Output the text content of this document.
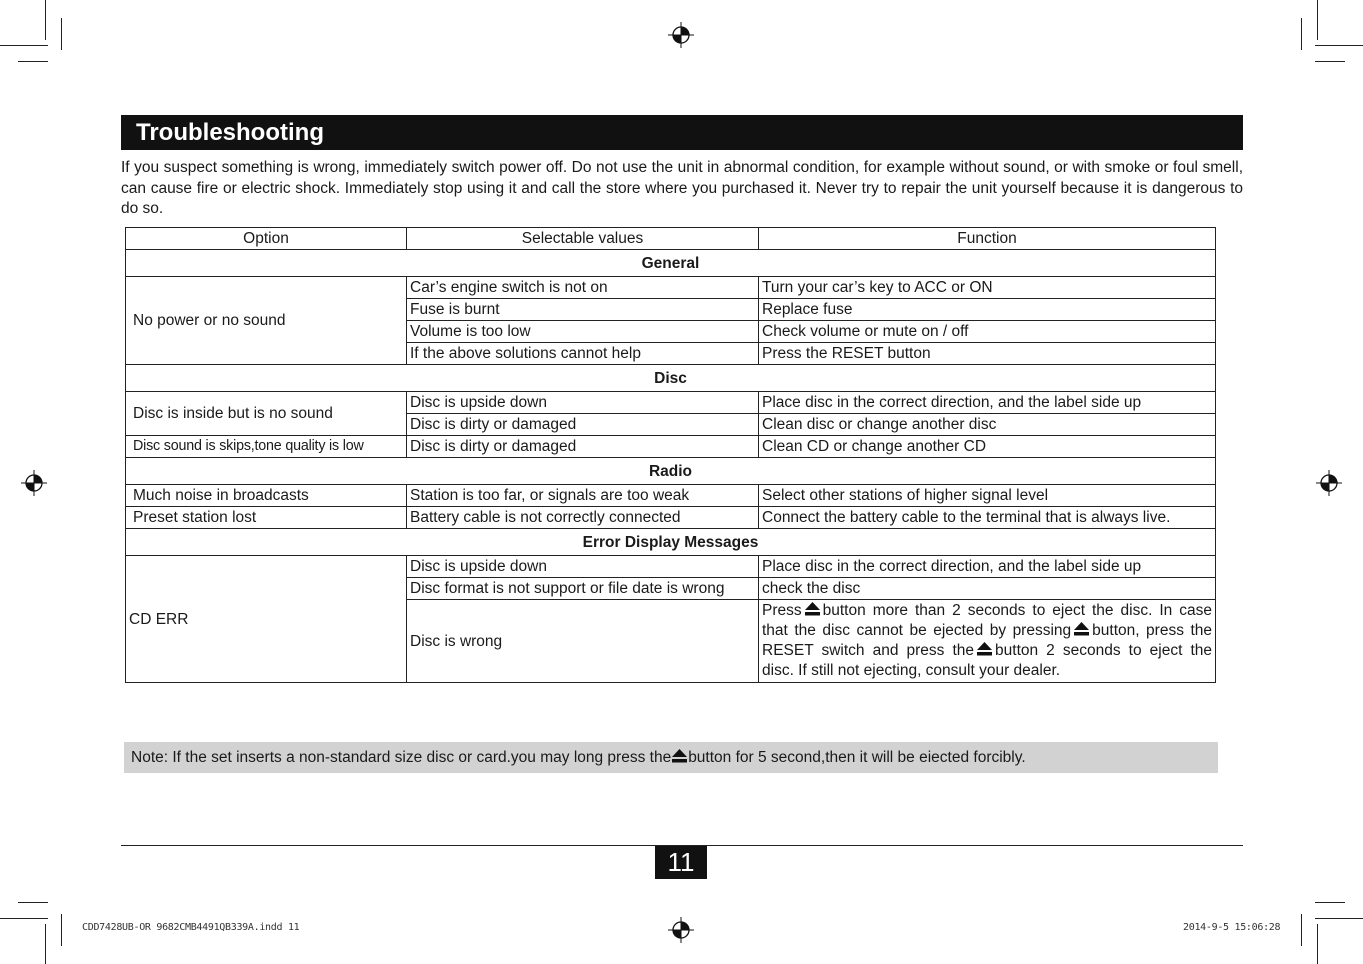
Troubleshooting

If you suspect something is wrong, immediately switch power off. Do not use the unit in abnormal condition, for example without sound, or with smoke or foul smell, can cause fire or electric shock. Immediately stop using it and call the store where you purchased it. Never try to repair the unit yourself because it is dangerous to do so.

Option	Selectable values	Function
General		
No power or no sound	Car’s engine switch is not on	Turn your car’s key to ACC or ON
	Fuse is burnt	Replace fuse
	Volume is too low	Check volume or mute on / off
	If the above solutions cannot help	Press the RESET button
Disc		
Disc is inside but is no sound	Disc is upside down	Place disc in the correct direction, and the label side up
	Disc is dirty or damaged	Clean disc or change another disc
Disc sound is skips,tone quality is low	Disc is dirty or damaged	Clean CD or change another CD
Radio		
Much noise in broadcasts	Station is too far, or signals are too weak	Select other stations of higher signal level
Preset station lost	Battery cable is not correctly connected	Connect the battery cable to the terminal that is always live.
Error Display Messages		
CD ERR	Disc is upside down	Place disc in the correct direction, and the label side up
	Disc format is not support or file date is wrong	check the disc
	Disc is wrong	Press button more than 2 seconds to eject the disc. In case that the disc cannot be ejected by pressing button, press the RESET switch and press the button 2 seconds to eject the disc. If still not ejecting, consult your dealer.
Note: If the set inserts a non-standard size disc or card.you may long press the button for 5 second,then it will be eiected forcibly.
11
CDD7428UB-OR 9682CMB4491QB339A.indd 11	2014-9-5 15:06:28
